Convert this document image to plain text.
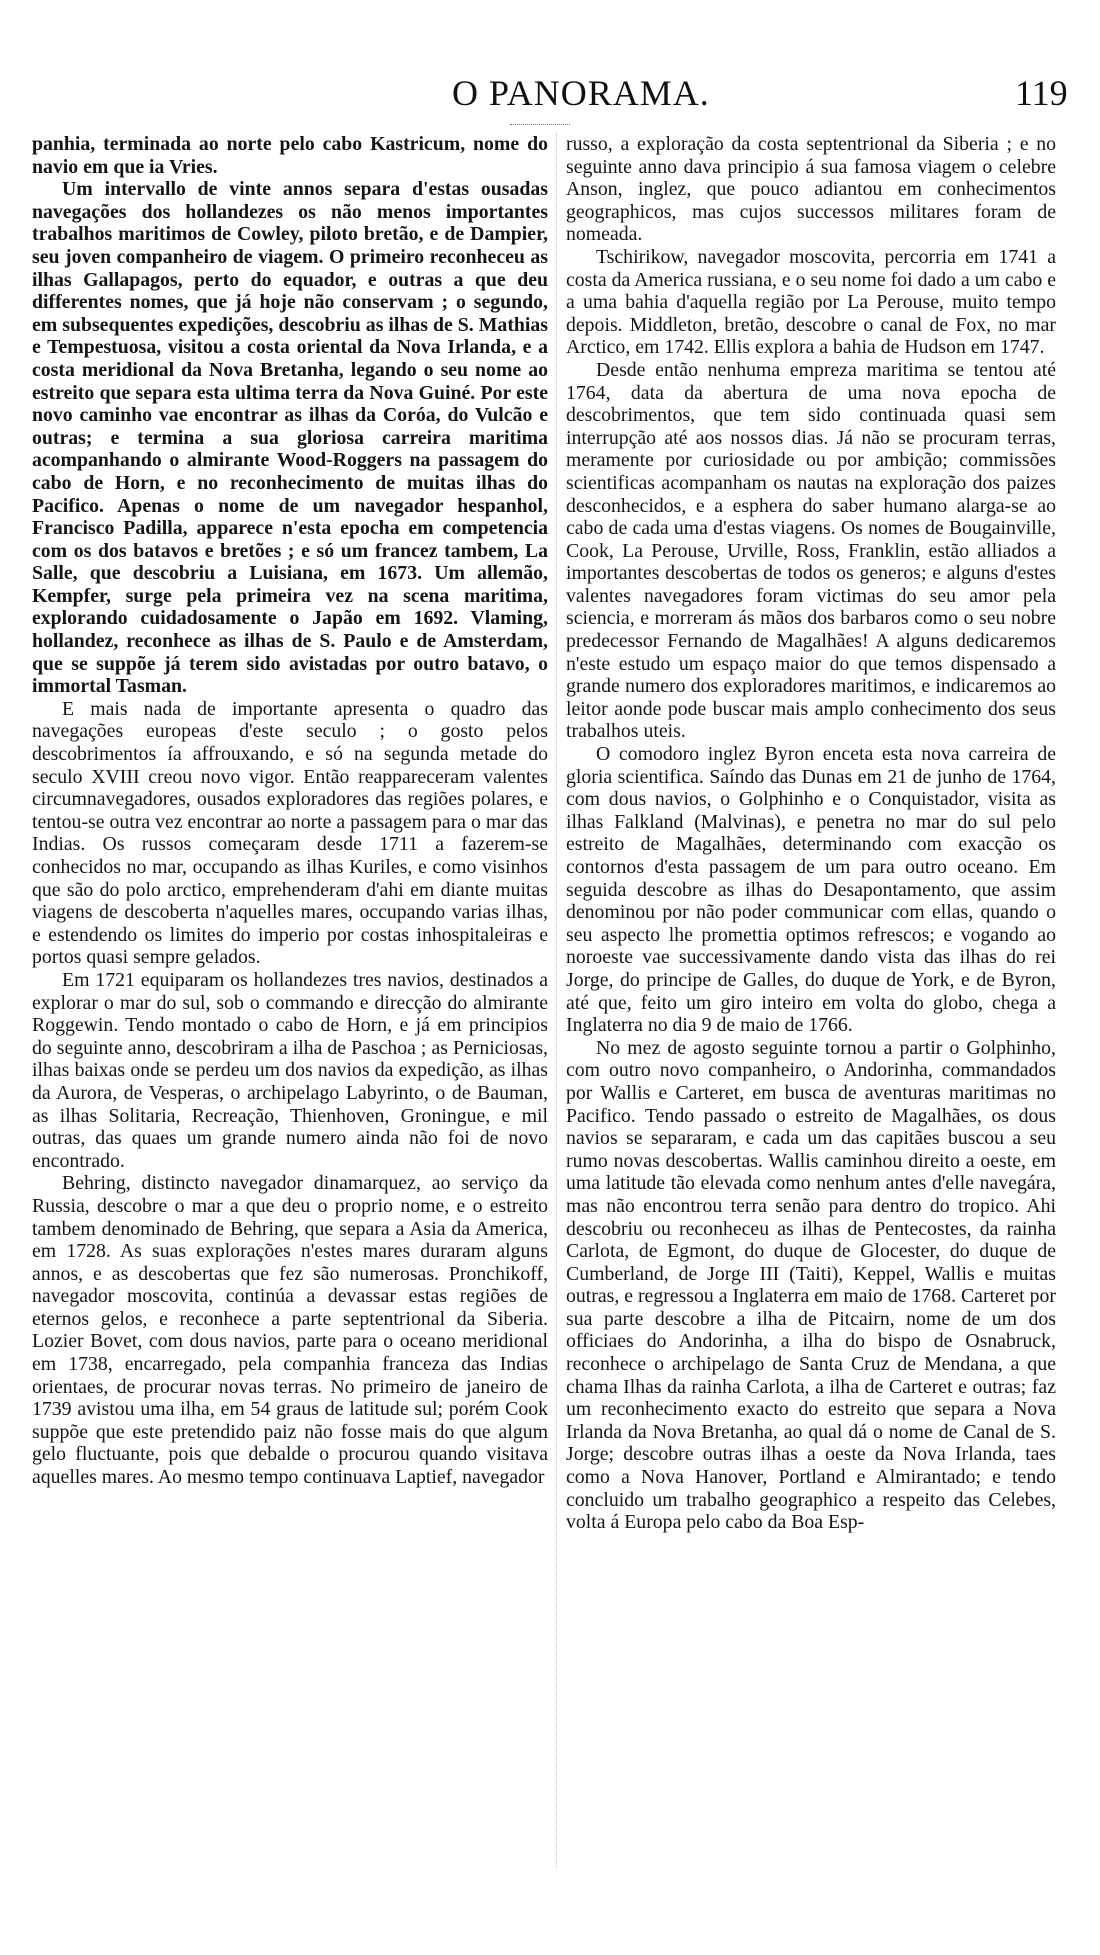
O PANORAMA.	119

panhia, terminada ao norte pelo cabo Kastricum, nome do navio em que ia Vries.

Um intervallo de vinte annos separa d'estas ousadas navegações dos hollandezes os não menos importantes trabalhos maritimos de Cowley, piloto bretão, e de Dampier, seu joven companheiro de viagem. O primeiro reconheceu as ilhas Gallapagos, perto do equador, e outras a que deu differentes nomes, que já hoje não conservam ; o segundo, em subsequentes expedições, descobriu as ilhas de S. Mathias e Tempestuosa, visitou a costa oriental da Nova Irlanda, e a costa meridional da Nova Bretanha, legando o seu nome ao estreito que separa esta ultima terra da Nova Guiné. Por este novo caminho vae encontrar as ilhas da Coróa, do Vulcão e outras; e termina a sua gloriosa carreira maritima acompanhando o almirante Wood-Roggers na passagem do cabo de Horn, e no reconhecimento de muitas ilhas do Pacifico. Apenas o nome de um navegador hespanhol, Francisco Padilla, apparece n'esta epocha em competencia com os dos batavos e bretões ; e só um francez tambem, La Salle, que descobriu a Luisiana, em 1673. Um allemão, Kempfer, surge pela primeira vez na scena maritima, explorando cuidadosamente o Japão em 1692. Vlaming, hollandez, reconhece as ilhas de S. Paulo e de Amsterdam, que se suppõe já terem sido avistadas por outro batavo, o immortal Tasman.

E mais nada de importante apresenta o quadro das navegações europeas d'este seculo ; o gosto pelos descobrimentos ía affrouxando, e só na segunda metade do seculo XVIII creou novo vigor. Então reappareceram valentes circumnavegadores, ousados exploradores das regiões polares, e tentou-se outra vez encontrar ao norte a passagem para o mar das Indias. Os russos começaram desde 1711 a fazerem-se conhecidos no mar, occupando as ilhas Kuriles, e como visinhos que são do polo arctico, emprehenderam d'ahi em diante muitas viagens de descoberta n'aquelles mares, occupando varias ilhas, e estendendo os limites do imperio por costas inhospitaleiras e portos quasi sempre gelados.

Em 1721 equiparam os hollandezes tres navios, destinados a explorar o mar do sul, sob o commando e direcção do almirante Roggewin. Tendo montado o cabo de Horn, e já em principios do seguinte anno, descobriram a ilha de Paschoa ; as Perniciosas, ilhas baixas onde se perdeu um dos navios da expedição, as ilhas da Aurora, de Vesperas, o archipelago Labyrinto, o de Bauman, as ilhas Solitaria, Recreação, Thienhoven, Groningue, e mil outras, das quaes um grande numero ainda não foi de novo encontrado.

Behring, distincto navegador dinamarquez, ao serviço da Russia, descobre o mar a que deu o proprio nome, e o estreito tambem denominado de Behring, que separa a Asia da America, em 1728. As suas explorações n'estes mares duraram alguns annos, e as descobertas que fez são numerosas. Pronchikoff, navegador moscovita, continúa a devassar estas regiões de eternos gelos, e reconhece a parte septentrional da Siberia. Lozier Bovet, com dous navios, parte para o oceano meridional em 1738, encarregado, pela companhia franceza das Indias orientaes, de procurar novas terras. No primeiro de janeiro de 1739 avistou uma ilha, em 54 graus de latitude sul; porém Cook suppõe que este pretendido paiz não fosse mais do que algum gelo fluctuante, pois que debalde o procurou quando visitava aquelles mares. Ao mesmo tempo continuava Laptief, navegador

russo, a exploração da costa septentrional da Siberia ; e no seguinte anno dava principio á sua famosa viagem o celebre Anson, inglez, que pouco adiantou em conhecimentos geographicos, mas cujos successos militares foram de nomeada.

Tschirikow, navegador moscovita, percorria em 1741 a costa da America russiana, e o seu nome foi dado a um cabo e a uma bahia d'aquella região por La Perouse, muito tempo depois. Middleton, bretão, descobre o canal de Fox, no mar Arctico, em 1742. Ellis explora a bahia de Hudson em 1747.

Desde então nenhuma empreza maritima se tentou até 1764, data da abertura de uma nova epocha de descobrimentos, que tem sido continuada quasi sem interrupção até aos nossos dias. Já não se procuram terras, meramente por curiosidade ou por ambição; commissões scientificas acompanham os nautas na exploração dos paizes desconhecidos, e a esphera do saber humano alarga-se ao cabo de cada uma d'estas viagens. Os nomes de Bougainville, Cook, La Perouse, Urville, Ross, Franklin, estão alliados a importantes descobertas de todos os generos; e alguns d'estes valentes navegadores foram victimas do seu amor pela sciencia, e morreram ás mãos dos barbaros como o seu nobre predecessor Fernando de Magalhães! A alguns dedicaremos n'este estudo um espaço maior do que temos dispensado a grande numero dos exploradores maritimos, e indicaremos ao leitor aonde pode buscar mais amplo conhecimento dos seus trabalhos uteis.

O comodoro inglez Byron enceta esta nova carreira de gloria scientifica. Saíndo das Dunas em 21 de junho de 1764, com dous navios, o Golphinho e o Conquistador, visita as ilhas Falkland (Malvinas), e penetra no mar do sul pelo estreito de Magalhães, determinando com exacção os contornos d'esta passagem de um para outro oceano. Em seguida descobre as ilhas do Desapontamento, que assim denominou por não poder communicar com ellas, quando o seu aspecto lhe promettia optimos refrescos; e vogando ao noroeste vae successivamente dando vista das ilhas do rei Jorge, do principe de Galles, do duque de York, e de Byron, até que, feito um giro inteiro em volta do globo, chega a Inglaterra no dia 9 de maio de 1766.

No mez de agosto seguinte tornou a partir o Golphinho, com outro novo companheiro, o Andorinha, commandados por Wallis e Carteret, em busca de aventuras maritimas no Pacifico. Tendo passado o estreito de Magalhães, os dous navios se separaram, e cada um das capitães buscou a seu rumo novas descobertas. Wallis caminhou direito a oeste, em uma latitude tão elevada como nenhum antes d'elle navegára, mas não encontrou terra senão para dentro do tropico. Ahi descobriu ou reconheceu as ilhas de Pentecostes, da rainha Carlota, de Egmont, do duque de Glocester, do duque de Cumberland, de Jorge III (Taiti), Keppel, Wallis e muitas outras, e regressou a Inglaterra em maio de 1768. Carteret por sua parte descobre a ilha de Pitcairn, nome de um dos officiaes do Andorinha, a ilha do bispo de Osnabruck, reconhece o archipelago de Santa Cruz de Mendana, a que chama Ilhas da rainha Carlota, a ilha de Carteret e outras; faz um reconhecimento exacto do estreito que separa a Nova Irlanda da Nova Bretanha, ao qual dá o nome de Canal de S. Jorge; descobre outras ilhas a oeste da Nova Irlanda, taes como a Nova Hanover, Portland e Almirantado; e tendo concluido um trabalho geographico a respeito das Celebes, volta á Europa pelo cabo da Boa Esp-
